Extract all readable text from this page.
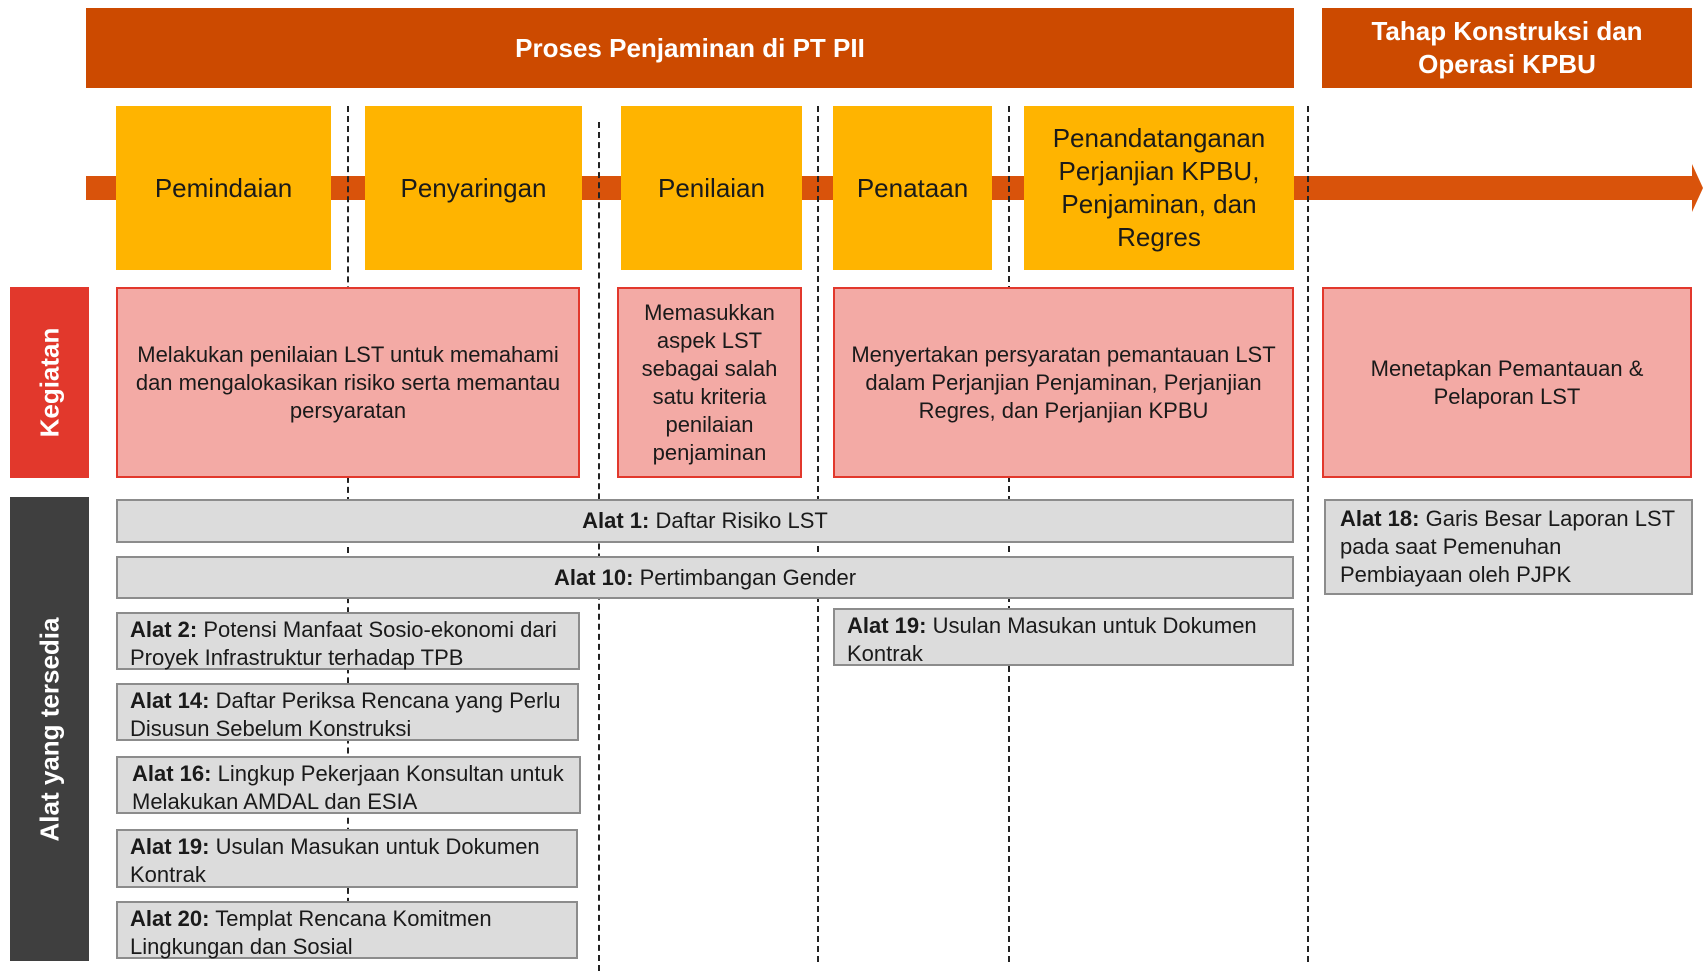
Proses Penjaminan di PT PII
Tahap Konstruksi dan Operasi KPBU
Pemindaian	Penyaringan	Penilaian	Penataan
Penandatanganan Perjanjian KPBU, Penjaminan, dan Regres
Kegiatan
Alat yang tersedia
Melakukan penilaian LST untuk memahami dan mengalokasikan risiko serta memantau persyaratan
Memasukkan aspek LST sebagai salah satu kriteria penilaian penjaminan
Menyertakan persyaratan pemantauan LST dalam Perjanjian Penjaminan, Perjanjian Regres, dan Perjanjian KPBU
Menetapkan Pemantauan & Pelaporan LST
Alat 1: Daftar Risiko LST
Alat 10: Pertimbangan Gender
Alat 18: Garis Besar Laporan LST pada saat Pemenuhan Pembiayaan oleh PJPK
Alat 2: Potensi Manfaat Sosio-ekonomi dari Proyek Infrastruktur terhadap TPB
Alat 14: Daftar Periksa Rencana yang Perlu Disusun Sebelum Konstruksi
Alat 16: Lingkup Pekerjaan Konsultan untuk Melakukan AMDAL dan ESIA
Alat 19: Usulan Masukan untuk Dokumen Kontrak
Alat 20: Templat Rencana Komitmen Lingkungan dan Sosial
Alat 19: Usulan Masukan untuk Dokumen Kontrak
